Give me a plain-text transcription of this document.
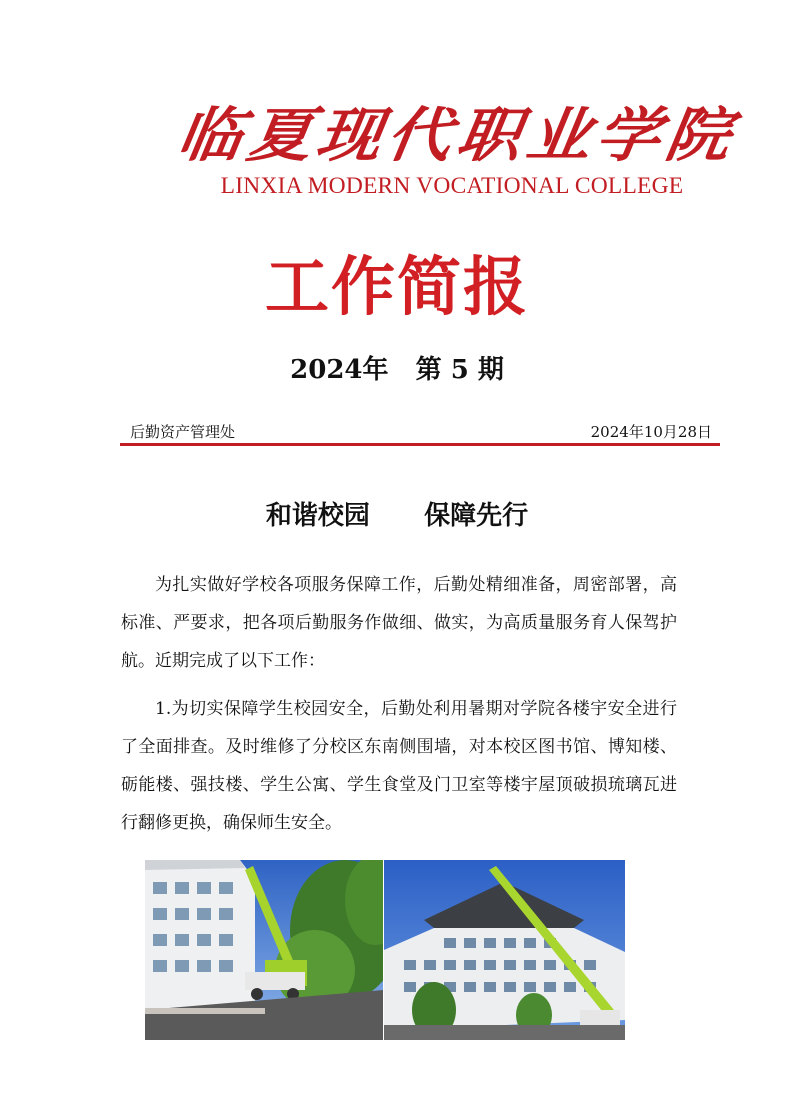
临
夏
现
代
职
业
学
院
LINXIA MODERN VOCATIONAL COLLEGE
工作简报
2024年   第 5 期
后勤资产管理处	2024年10月28日
和谐校园      保障先行

为扎实做好学校各项服务保障工作，后勤处精细准备，周密部署，高标准、严要求，把各项后勤服务作做细、做实，为高质量服务育人保驾护航。近期完成了以下工作：

1.为切实保障学生校园安全，后勤处利用暑期对学院各楼宇安全进行了全面排查。及时维修了分校区东南侧围墙，对本校区图书馆、博知楼、砺能楼、强技楼、学生公寓、学生食堂及门卫室等楼宇屋顶破损琉璃瓦进行翻修更换，确保师生安全。
